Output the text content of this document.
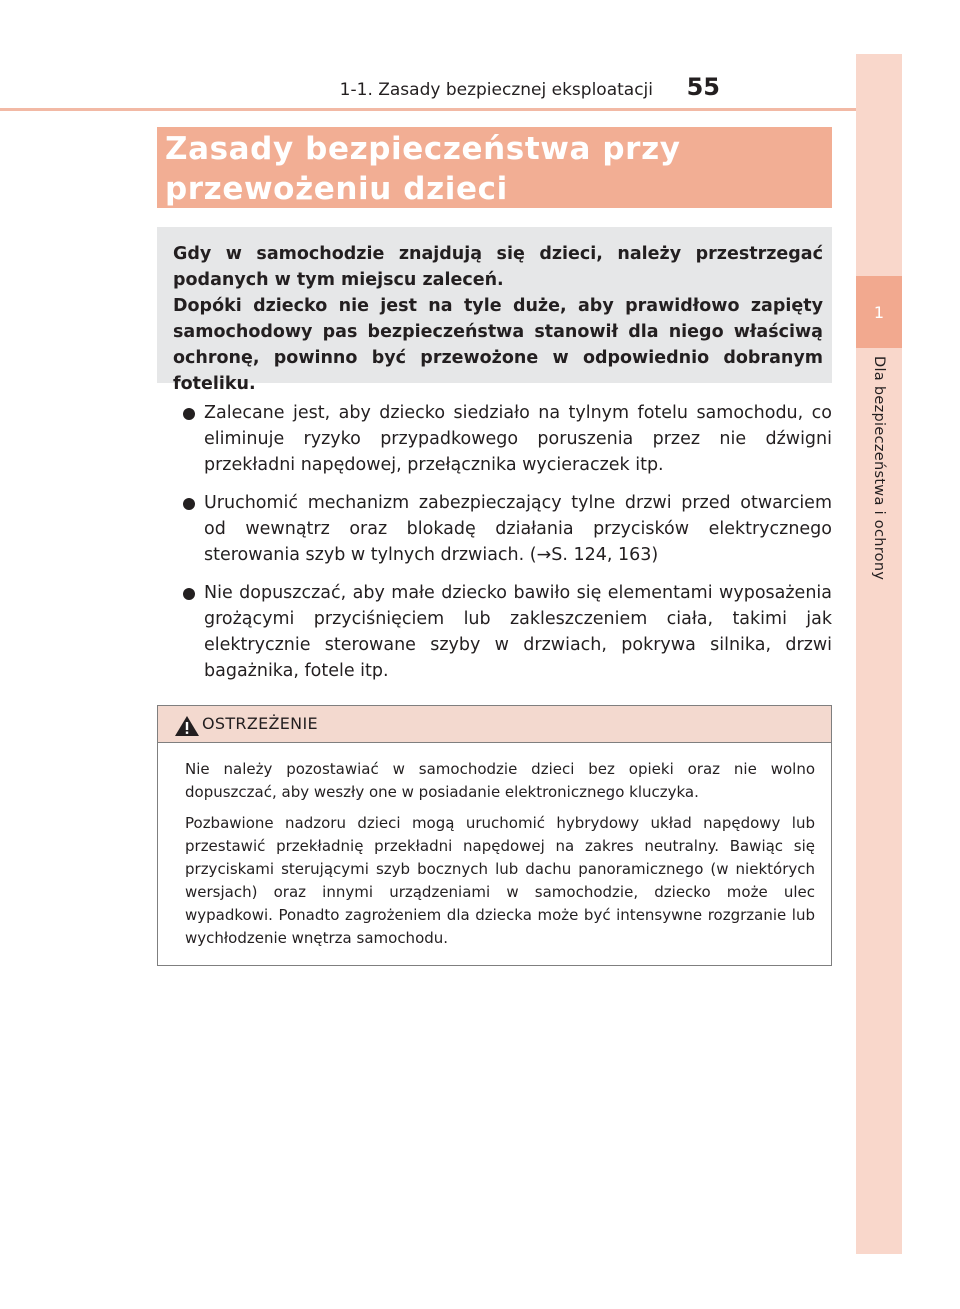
1-1. Zasady bezpiecznej eksploatacji 55
1
Dla bezpieczeństwa i ochrony
Zasady bezpieczeństwa przy przewożeniu dzieci

Gdy w samochodzie znajdują się dzieci, należy przestrzegać podanych w tym miejscu zaleceń.

Dopóki dziecko nie jest na tyle duże, aby prawidłowo zapięty samochodowy pas bezpieczeństwa stanowił dla niego właściwą ochronę, powinno być przewożone w odpowiednio dobranym foteliku.

Zalecane jest, aby dziecko siedziało na tylnym fotelu samochodu, co eliminuje ryzyko przypadkowego poruszenia przez nie dźwigni przekładni napędowej, przełącznika wycieraczek itp.
Uruchomić mechanizm zabezpieczający tylne drzwi przed otwarciem od wewnątrz oraz blokadę działania przycisków elektrycznego sterowania szyb w tylnych drzwiach. (→S. 124, 163)
Nie dopuszczać, aby małe dziecko bawiło się elementami wyposażenia grożącymi przyciśnięciem lub zakleszczeniem ciała, takimi jak elektrycznie sterowane szyby w drzwiach, pokrywa silnika, drzwi bagażnika, fotele itp.
OSTRZEŻENIE

Nie należy pozostawiać w samochodzie dzieci bez opieki oraz nie wolno dopuszczać, aby weszły one w posiadanie elektronicznego kluczyka.

Pozbawione nadzoru dzieci mogą uruchomić hybrydowy układ napędowy lub przestawić przekładnię przekładni napędowej na zakres neutralny. Bawiąc się przyciskami sterującymi szyb bocznych lub dachu panoramicznego (w niektórych wersjach) oraz innymi urządzeniami w samochodzie, dziecko może ulec wypadkowi. Ponadto zagrożeniem dla dziecka może być intensywne rozgrzanie lub wychłodzenie wnętrza samochodu.
